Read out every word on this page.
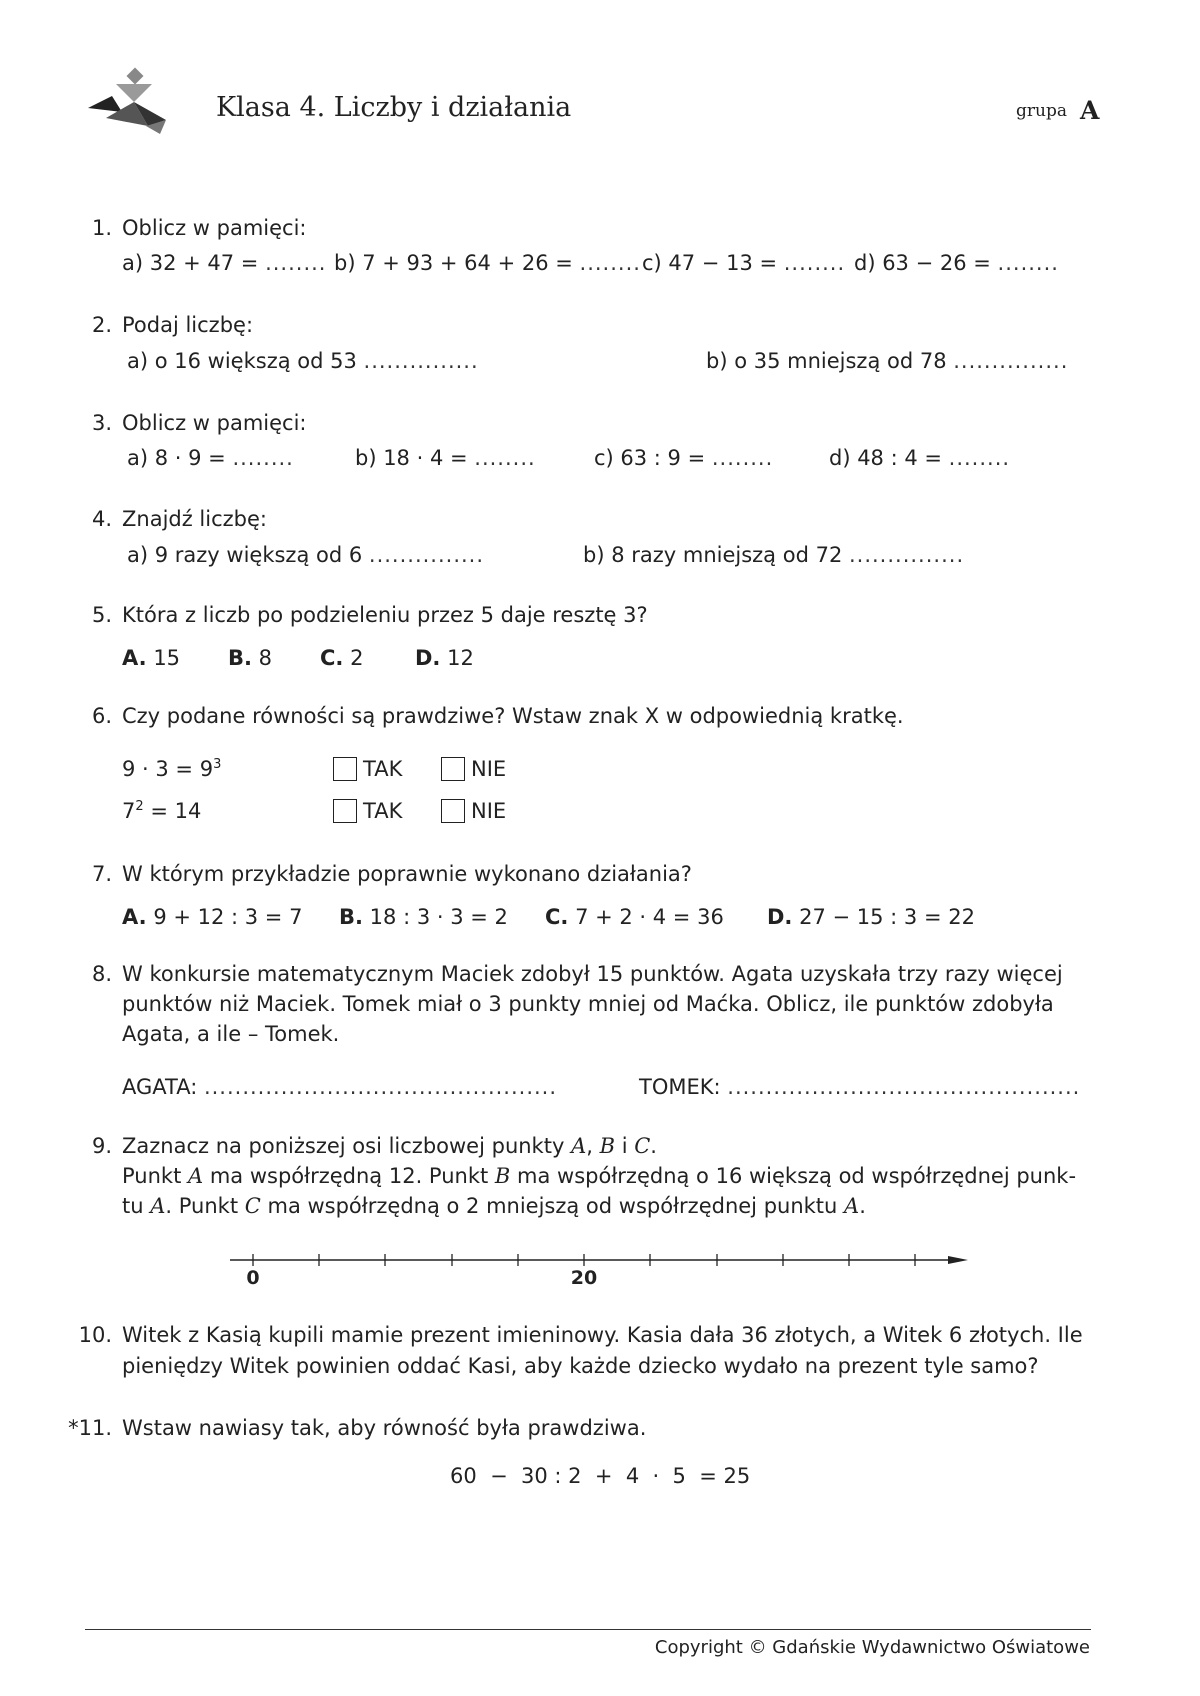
Klasa 4. Liczby i działania	grupa A
1. Oblicz w pamięci:
a) 32 + 47 = ........ b) 7 + 93 + 64 + 26 = ........ c) 47 − 13 = ........ d) 63 − 26 = ........
2. Podaj liczbę:
a) o 16 większą od 53 ...............	b) o 35 mniejszą od 78 ...............
3. Oblicz w pamięci:
a) 8 · 9 = ........	b) 18 · 4 = ........	c) 63 : 9 = ........	d) 48 : 4 = ........
4. Znajdź liczbę:
a) 9 razy większą od 6 ...............	b) 8 razy mniejszą od 72 ...............
5. Która z liczb po podzieleniu przez 5 daje resztę 3?
A. 15 B. 8 C. 2 D. 12
6. Czy podane równości są prawdziwe? Wstaw znak X w odpowiednią kratkę.
$9 \cdot 3 = 9^3$	TAK	NIE
$7^2 = 14$	TAK	NIE
7. W którym przykładzie poprawnie wykonano działania?
A. 9 + 12 : 3 = 7 B. 18 : 3 · 3 = 2 C. 7 + 2 · 4 = 36 D. 27 − 15 : 3 = 22
8. W konkursie matematycznym Maciek zdobył 15 punktów. Agata uzyskała trzy razy więcej
punktów niż Maciek. Tomek miał o 3 punkty mniej od Maćka. Oblicz, ile punktów zdobyła
Agata, a ile – Tomek.
AGATA: ..............................................	TOMEK: ..............................................
9. Zaznacz na poniższej osi liczbowej punkty A, B i C.
Punkt A ma współrzędną 12. Punkt B ma współrzędną o 16 większą od współrzędnej punk-
tu A. Punkt C ma współrzędną o 2 mniejszą od współrzędnej punktu A.
0	20
10. Witek z Kasią kupili mamie prezent imieninowy. Kasia dała 36 złotych, a Witek 6 złotych. Ile
pieniędzy Witek powinien oddać Kasi, aby każde dziecko wydało na prezent tyle samo?
*11. Wstaw nawiasy tak, aby równość była prawdziwa.
60  −  30 : 2  +  4  ·  5  = 25
Copyright © Gdańskie Wydawnictwo Oświatowe
